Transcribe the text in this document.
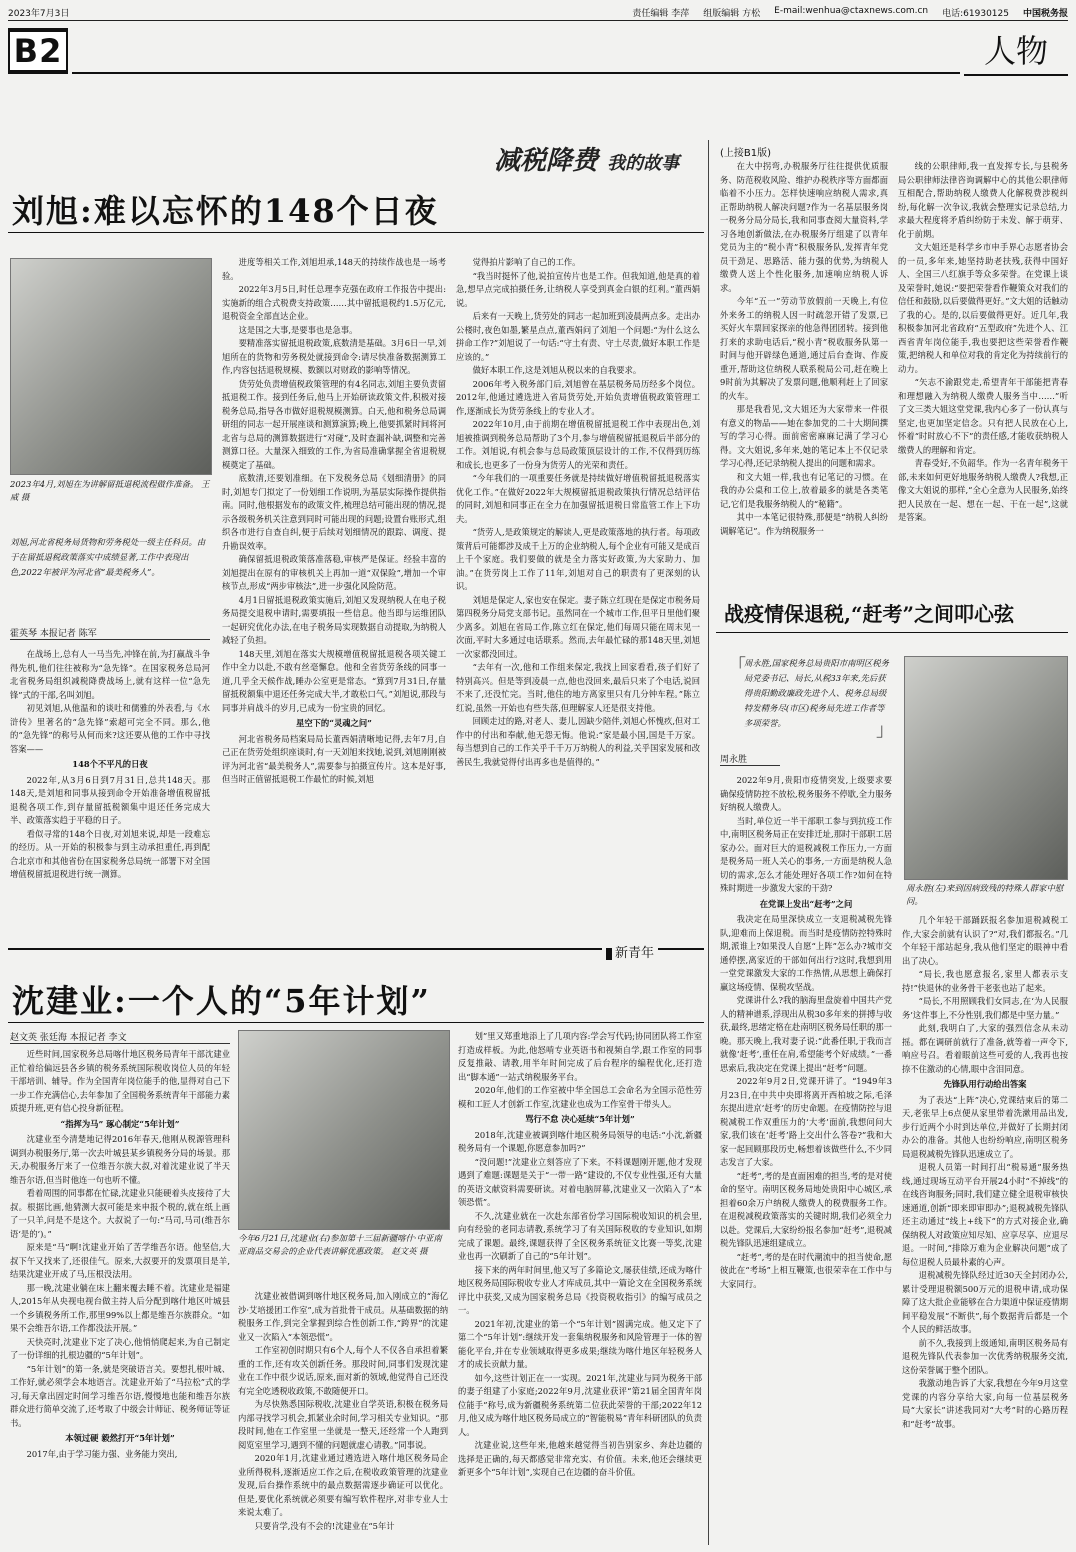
2023年7月3日	责任编辑 李萍 组版编辑 方松 E-mail:wenhua@ctaxnews.com.cn 电话:61930125 中国税务报
B2	人物
减税降费 我的故事
刘旭:难以忘怀的148个日夜
2023年4月,刘旭在为讲解留抵退税流程做作准备。 王威 摄
刘旭,河北省税务局货物和劳务税处一级主任科员。由于在留抵退税政策落实中成绩显著,工作中表现出色,2022年被评为河北省“最美税务人”。
霍英琴 本报记者 陈军

在战场上,总有人一马当先,冲锋在前,为打赢战斗争得先机,他们往往被称为“急先锋”。在国家税务总局河北省税务局组织减税降费战场上,就有这样一位“急先锋”式的干部,名叫刘旭。

初见刘旭,从他温和的谈吐和儒雅的外表看,与《水浒传》里著名的“急先锋”索超可完全不同。那么,他的“急先锋”的称号从何而来?这还要从他的工作中寻找答案——

148个不平凡的日夜

2022年,从3月6日到7月31日,总共148天。那148天,是刘旭和同事从接到命令开始准备增值税留抵退税各项工作,到存量留抵税额集中退还任务完成大半、政策落实趋于平稳的日子。

看似寻常的148个日夜,对刘旭来说,却是一段难忘的经历。从一开始的积极参与到主动承担重任,再到配合北京市和其他省份在国家税务总局统一部署下对全国增值税留抵退税进行统一测算。

进度等相关工作,刘旭坦承,148天的持续作战也是一场考验。

2022年3月5日,时任总理李克强在政府工作报告中提出:实施新的组合式税费支持政策……其中留抵退税约1.5万亿元,退税资金全部直达企业。

这是国之大事,是要事也是急事。

要精准落实留抵退税政策,底数清是基础。3月6日一早,刘旭所在的货物和劳务税处就接到命令:请尽快准备数据测算工作,内容包括退税规模、数额以对财政的影响等情况。

货劳处负责增值税政策管理的有4名同志,刘旭主要负责留抵退税工作。接到任务后,他马上开始研读政策文件,积极对接税务总局,指导各市做好退税规模测算。白天,他和税务总局调研组的同志一起开展座谈和测算演算;晚上,他要抓紧时间将河北省与总局的测算数据进行“对碰”,及时查漏补缺,调整和完善测算口径。大量深入细致的工作,为省局准确掌握全省退税规模奠定了基础。

底数清,还要划准细。在下发税务总局《划细清册》的同时,刘旭专门拟定了一份划细工作说明,为基层实际操作提供指南。同时,他根据发布的政策文件,梳理总结可能出现的情况,提示各级税务机关注意到同时可能出现的问题;设置台账形式,组织各市进行自查自纠,便于后续对划细情况的跟踪、调度、提升勘误效率。

确保留抵退税政策落准落稳,审核严是保证。经验丰富的刘旭提出在原有的审核机关上再加一道“双保险”,增加一个审核节点,形成“两步审核法”,进一步强化风险防范。

4月1日留抵退税政策实施后,刘旭又发现纳税人在电子税务局提交退税申请时,需要填报一些信息。他当即与运维团队一起研究优化办法,在电子税务局实现数据自动提取,为纳税人减轻了负担。

148天里,刘旭在落实大规模增值税留抵退税各项关键工作中全力以赴,不敢有丝毫懈怠。他和全省货劳条线的同事一道,几乎全天候作战,睡办公室更是常态。“算到7月31日,存量留抵税额集中退还任务完成大半,才敢松口气。”刘旭说,那段与同事并肩战斗的岁月,已成为一份宝贵的回忆。

星空下的“灵魂之问”

河北省税务局档案局局长董西娟清晰地记得,去年7月,自己正在货劳处组织座谈时,有一天刘旭来找她,说到,刘旭刚刚被评为河北省“最美税务人”,需要参与拍摄宣传片。这本是好事,但当时正值留抵退税工作最忙的时候,刘旭

觉得拍片影响了自己的工作。

“我当时挺怀了他,说拍宣传片也是工作。但我知道,他是真的着急,想早点完成拍摄任务,让纳税人享受到真金白银的红利。”董西娟说。

后来有一天晚上,货劳处的同志一起加班到凌晨两点多。走出办公楼时,夜色如墨,繁星点点,董西娟问了刘旭一个问题:“为什么这么拼命工作?”刘旭说了一句话:“守土有责、守土尽责,做好本职工作是应该的。”

做好本职工作,这是刘旭从税以来的自我要求。

2006年考入税务部门后,刘旭曾在基层税务局历经多个岗位。2012年,他通过遴选进入省局货劳处,开始负责增值税政策管理工作,逐渐成长为货劳条线上的专业人才。

2022年10月,由于前期在增值税留抵退税工作中表现出色,刘旭被推调到税务总局帮助了3个月,参与增值税留抵退税后半部分的工作。刘旭说,有机会参与总局政策顶层设计的工作,不仅得到历练和成长,也更多了一份身为货劳人的光荣和责任。

“今年我们的一项重要任务就是持续做好增值税留抵退税落实优化工作。”在做好2022年大规模留抵退税政策执行情况总结评估的同时,刘旭和同事正在全力在加强留抵退税日常监管工作上下功夫。

“货劳人,是政策规定的解读人,更是政策落地的执行者。每项政策背后可能都涉及成千上万的企业纳税人,每个企业有可能又是成百上千个家庭。我们要做的就是全力落实好政策,为大家助力、加油。”在货劳岗上工作了11年,刘旭对自己的职责有了更深刻的认识。

刘旭是保定人,家也安在保定。妻子陈立红现在是保定市税务局第四税务分局党支部书记。虽然同在一个城市工作,但平日里他们聚少离多。刘旭在省局工作,陈立红在保定,他们每周只能在周末见一次面,平时大多通过电话联系。然而,去年最忙碌的那148天里,刘旭一次家都没回过。

“去年有一次,他和工作组来保定,我找上回家看看,孩子们好了特别高兴。但是等到凌晨一点,他也没回来,最后只来了个电话,说回不来了,还没忙完。当时,他住的地方离家里只有几分钟车程。”陈立红说,虽然一开始也有些失落,但理解家人还是很支持他。

回顾走过的路,对老人、妻儿,因缺少陪伴,刘旭心怀愧疚,但对工作中的付出和奉献,他无怨无悔。他说:“家是最小国,国是千万家。每当想到自己的工作关乎千千万万纳税人的利益,关乎国家发展和改善民生,我就觉得付出再多也是值得的。”

(上接B1版)

在大中拐弯,办税服务厅往往提供优质服务、防范税收风险、维护办税秩序等方面都面临着不小压力。怎样快速响应纳税人需求,真正帮助纳税人解决问题?作为一名基层服务岗一税务分局分局长,我和同事查阅大量资料,学习各地创新做法,在办税服务厅组建了以青年党员为主的“税小青”积极服务队,发挥青年党员干劲足、思路活、能力强的优势,为纳税人缴费人送上个性化服务,加速响应纳税人诉求。

今年“五一”劳动节放假前一天晚上,有位外来务工的纳税人因一时疏忽开错了发票,已买好火车票回家探亲的他急得团团转。接到他打来的求助电话后,“税小青”税收服务队第一时间与他开辟绿色通道,通过后台查询、作废重开,帮助这位纳税人联系税局公司,赶在晚上9时前为其解决了发票问题,他顺利赶上了回家的火车。

那是我看见,文大姐还为大家带来一件很有意义的物品——她在参加党的二十大期间撰写的学习心得。面前密密麻麻记满了学习心得。文大姐说,多年来,她的笔记本上不仅记录学习心得,还记录纳税人提出的问题和需求。

和文大姐一样,我也有记笔记的习惯。在我的办公桌和工位上,放着最多的就是各类笔记,它们是我服务纳税人的“秘籍”。

其中一本笔记很特殊,那便是“纳税人纠纷调解笔记”。作为纳税服务一

线的公职律师,我一直发挥专长,与县税务局公职律师法律咨询调解中心的其他公职律师互相配合,帮助纳税人缴费人化解税费涉税纠纷,每化解一次争议,我就会整理实记录总结,力求最大程度将矛盾纠纷防于未发、解于萌芽、化于前期。

文大姐还是科学乡市申手界心志愿者协会的一员,多年来,她坚持助老扶残,获得中国好人、全国三八红旗手等众多荣誉。在党课上谈及荣誉时,她说:“要把荣誉看作鞭策众对我们的信任和鼓励,以后要做得更好。”文大姐的话触动了我的心。是的,以后要做得更好。近几年,我积极参加河北省政府“五型政府”先进个人、江西省青年岗位能手,我也要把这些荣誉看作鞭策,把纳税人和单位对我的肯定化为持续前行的动力。

“矢志不渝跟党走,希望青年干部能把青春和理想融入为纳税人缴费人服务当中……”听了文三类大姐这堂党课,我内心多了一份认真与坚定,也更加坚定信念。只有把人民放在心上,怀着“时时放心不下”的责任感,才能收获纳税人缴费人的理解和肯定。

青春受好,不负韶华。作为一名青年税务干部,未来如何更好地服务纳税人缴费人?我想,正像文大姐说的那样,“全心全意为人民服务,始终把人民放在一起、想在一起、干在一起”,这就是答案。

战疫情保退税,“赶考”之间叩心弦
「
周永胜,国家税务总局贵阳市南明区税务局党委书记、局长,从税33年来,先后获得贵阳勤政廉政先进个人、税务总局级特发精务尽(市区)税务局先进工作者等多项荣誉。	」
周永胜
周永胜(左)来到因病致残的特殊人群家中慰问。

2022年9月,贵阳市疫情突发,上级要求要确保疫情防控不放松,税务服务不停歇,全力服务好纳税人缴费人。

当时,单位近一半干部职工参与到抗疫工作中,南明区税务局正在安排迁址,那时干部职工居家办公。面对巨大的退税减税工作压力,一方面是税务局一班人关心的事务,一方面是纳税人急切的需求,怎么才能处理好各项工作?如何在特殊时期进一步激发大家的干劲?

在党课上发出“赶考”之问

我决定在局里深快成立一支退税减税先锋队,迎难而上保退税。而当时是疫情防控特殊时期,派谁上?如果没人自愿“上阵”怎么办?城市交通停摆,离家近的干部如何出行?这时,我想到用一堂党课激发大家的工作热情,从思想上确保打赢这场疫情、保税攻坚战。

党课讲什么?我的脑海里盘旋着中国共产党人的精神谱系,浮现出从税30多年来的拼搏与收获,最终,思绪定格在赴南明区税务局任职的那一晚。那天晚上,我对妻子说:“此番任职,于我而言就像‘赶考’,重任在肩,希望能考个好成绩。”一番思索后,我决定在党课上提出“赶考”问题。

2022年9月2日,党课开讲了。“1949年3月23日,在中共中央即将离开西柏坡之际,毛泽东提出进京‘赶考’的历史命题。在疫情防控与退税减税工作双重压力的‘大考’面前,我想问问大家,我们该在‘赶考’路上交出什么答卷?”我和大家一起回顾那段历史,畅想着该做些什么,不少同志发言了大家。

“赶考”,考的是直面困难的担当,考的是对使命的坚守。南明区税务局地处贵阳中心城区,承担着60余万户纳税人缴费人的税费服务工作。在退税减税政策落实的关键时期,我们必须全力以赴。党课后,大家纷纷报名参加“赶考”,退税减税先锋队迅速组建成立。

“赶考”,考的是在时代潮流中的担当使命,愿彼此在“考场”上相互鞭策,也很荣幸在工作中与大家同行。

几个年轻干部踊跃报名参加退税减税工作,大家会前就有认识了?“对,我们都报名。”几个年轻干部站起身,我从他们坚定的眼神中看出了决心。

“局长,我也愿意报名,家里人都表示支持!”快退休的业务骨干老张也站了起来。

“局长,不用照顾我们女同志,在‘为人民服务’这件事上,不分性别,我们都是中坚力量。”

此刻,我明白了,大家的强烈信念从未动摇。都在调研前就行了准备,就等着一声令下,响应号召。看着眼前这些可爱的人,我再也按捺不住激动的心情,眼中含泪同意。

先锋队用行动给出答案

为了表达“上阵”决心,党课结束后的第二天,老张早上6点便从家里带着洗漱用品出发,步行近两个小时到达单位,并做好了长期封闭办公的准备。其他人也纷纷响应,南明区税务局退税减税先锋队迅速成立了。

退税人员第一时间打出“税易通”服务热线,通过现场互动平台开展24小时“不掉线”的在线咨询服务;同时,我们建立健全退税审核快速通道,创新“即来即审即办”;退税减税先锋队还主动通过“线上+线下”的方式对接企业,确保纳税人对政策应知尽知、应享尽享、应退尽退。一时间,“排除万难为企业解决问题”成了每位退税人员最朴素的心声。

退税减税先锋队经过近30天全封闭办公,累计受理退税额500万元的退税申请,成功保障了这大批企业能够在合力渠道中保证疫情期间平稳发展“不断供”,每个数据背后都是一个个人民的鲜活故事。

前不久,我接到上级通知,南明区税务局有退税先锋队代表参加一次优秀纳税服务交流,这份荣誉属于整个团队。

我激动地告诉了大家,我想在今年9月这堂党课的内容分享给大家,向每一位基层税务局“大家长”讲述我同对“大考”时的心路历程和“赶考”故事。

新青年
沈建业:一个人的“5年计划”
赵文英 张廷海 本报记者 李文

近些时间,国家税务总局喀什地区税务局青年干部沈建业正忙着给偏远县各乡镇的税务系统国际税收岗位人员的年轻干部培训、辅导。作为全国青年岗位能手的他,显得对自己下一步工作充满信心,去年参加了全国税务系统青年干部能力素质提升班,更有信心投身新征程。

“指挥为马” 琢心制定“5年计划”

沈建业至今清楚地记得2016年春天,他刚从税源管理科调到办税服务厅,第一次去叶城县某乡镇税务分局的场景。那天,办税服务厅来了一位维吾尔族大叔,对着沈建业说了半天维吾尔语,但当时他连一句也听不懂。

看着周围的同事都在忙碌,沈建业只能硬着头皮接待了大叔。根据比画,他猜测大叔可能是来申报个税的,就在纸上画了一只羊,问是不是这个。大叔说了一句:“马司,马司(维吾尔语‘是的’)。”

原来是“马”啊!沈建业开始了苦学维吾尔语。他坚信,大叔下午又找来了,还很佳气。原来,大叔要开的发票项目是羊,结果沈建业开成了马,压根没法用。

那一晚,沈建业躺在床上翻来覆去睡不着。沈建业是福建人,2015年从央视电视台做主持人后分配到喀什地区叶城县一个乡镇税务所工作,那里99%以上都是维吾尔族群众。“如果不会维吾尔语,工作都没法开展。”

天快亮时,沈建业下定了决心,他悄悄爬起来,为自己制定了一份详细的扎根边疆的“5年计划”。

“5年计划”的第一条,就是突破语言关。要想扎根叶城、工作好,就必须学会本地语言。沈建业开始了“马拉松”式的学习,每天拿出固定时间学习维吾尔语,慢慢地也能和维吾尔族群众进行简单交流了,还考取了中级会计师证、税务师证等证书。

本领过硬 毅然打开“5年计划”

2017年,由于学习能力强、业务能力突出,

今年6月21日,沈建业(右)参加第十三届新疆喀什·中亚南亚商品交易会的企业代表讲解优惠政策。 赵文英 摄

沈建业被借调到喀什地区税务局,加入刚成立的“海亿沙·艾培援团工作室”,成为首批骨干成员。从基础数据的纳税服务工作,到完全掌握到综合性创新工作,“跨界”的沈建业又一次陷入“本领恐慌”。

工作室初创时期只有6个人,每个人不仅各自承担着繁重的工作,还有攻关创新任务。那段时间,同事们发现沈建业在工作中很少说话,原来,面对新的领域,他觉得自己还没有完全吃透税收政策,不敢随便开口。

为尽快熟悉国际税收,沈建业自学英语,积极在税务局内部寻找学习机会,抓紧业余时间,学习相关专业知识。“那段时间,他在工作室里一坐就是一整天,还经常一个人跑到阅览室里学习,遇到不懂的问题就虚心请教。”同事说。

2020年1月,沈建业通过遴选进入喀什地区税务局企业所得税科,逐渐适应工作之后,在税收政策管理的沈建业发现,后台操作系统中的最点数据需逐步确证可以优化。但是,要优化系统就必须要有编写软件程序,对非专业人士来说太难了。

只要肯学,没有不会的!沈建业在“5年计

划”里又郑重地添上了几项内容:学会写代码;协同团队将工作室打造成样板。为此,他怒啃专业英语书和视频自学,跟工作室的同事反复推敲、请教,用半年时间完成了后台程序的编程优化,还打造出“脚本通”一站式纳税服务平台。

2020年,他们的工作室被中华全国总工会命名为全国示范性劳模和工匠人才创新工作室,沈建业也成为工作室骨干带头人。

骂行不怠 决心延续“5年计划”

2018年,沈建业被调到喀什地区税务局领导的电话:“小沈,新疆税务局有一个课题,你愿意参加吗?”

“没问题!”沈建业立刻答应了下来。不料课题刚开题,他才发现遇到了难题:课题是关于“一带一路”建设的,不仅专业性强,还有大量的英语文献资料需要研读。对着电脑屏幕,沈建业又一次陷入了“本领恐慌”。

不久,沈建业就在一次赴东部省份学习国际税收知识的机会里,向有经验的老同志请教,系统学习了有关国际税收的专业知识,如期完成了课题。最终,课题获得了全区税务系统征文比赛一等奖,沈建业也再一次刷新了自己的“5年计划”。

接下来的两年时间里,他又写了多篇论文,屡获佳绩,还成为喀什地区税务局国际税收专业人才库成员,其中一篇论文在全国税务系统评比中获奖,又成为国家税务总局《投资税收指引》的编写成员之一。

2021年初,沈建业的第一个“5年计划”圆满完成。他又定下了第二个“5年计划”:继续开发一套集纳税服务和风险管理于一体的智能化平台,并在专业领域取得更多成果;继续为喀什地区年轻税务人才的成长贡献力量。

如今,这些计划正在一一实现。2021年,沈建业与同为税务干部的妻子组建了小家庭;2022年9月,沈建业获评“第21届全国青年岗位能手”称号,成为新疆税务系统第二位获此荣誉的干部;2022年12月,他又成为喀什地区税务局成立的“智能税易”青年科研团队的负责人。

沈建业说,这些年来,他越来越觉得当初告别家乡、奔赴边疆的选择是正确的,每天都感觉非常充实、有价值。未来,他还会继续更新更多个“5年计划”,实现自己在边疆的奋斗价值。
